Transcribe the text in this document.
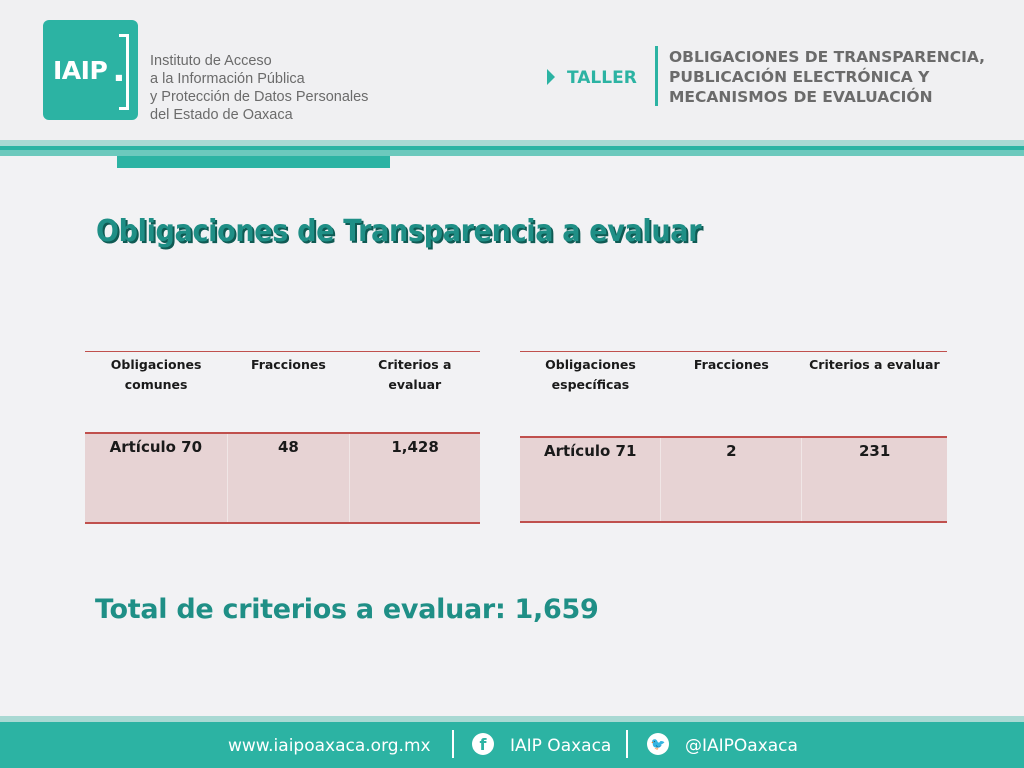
IAIP ■
Instituto de Acceso
a la Información Pública
y Protección de Datos Personales
del Estado de Oaxaca
TALLER
OBLIGACIONES DE TRANSPARENCIA,
PUBLICACIÓN ELECTRÓNICA Y
MECANISMOS DE EVALUACIÓN
Obligaciones de Transparencia a evaluar
Obligaciones comunes	Fracciones	Criterios a evaluar
Artículo 70	48	1,428
Obligaciones específicas	Fracciones	Criterios a evaluar
Artículo 71	2	231
Total de criterios a evaluar: 1,659
www.iaipoaxaca.org.mx	f	IAIP Oaxaca	🐦 @IAIPOaxaca
